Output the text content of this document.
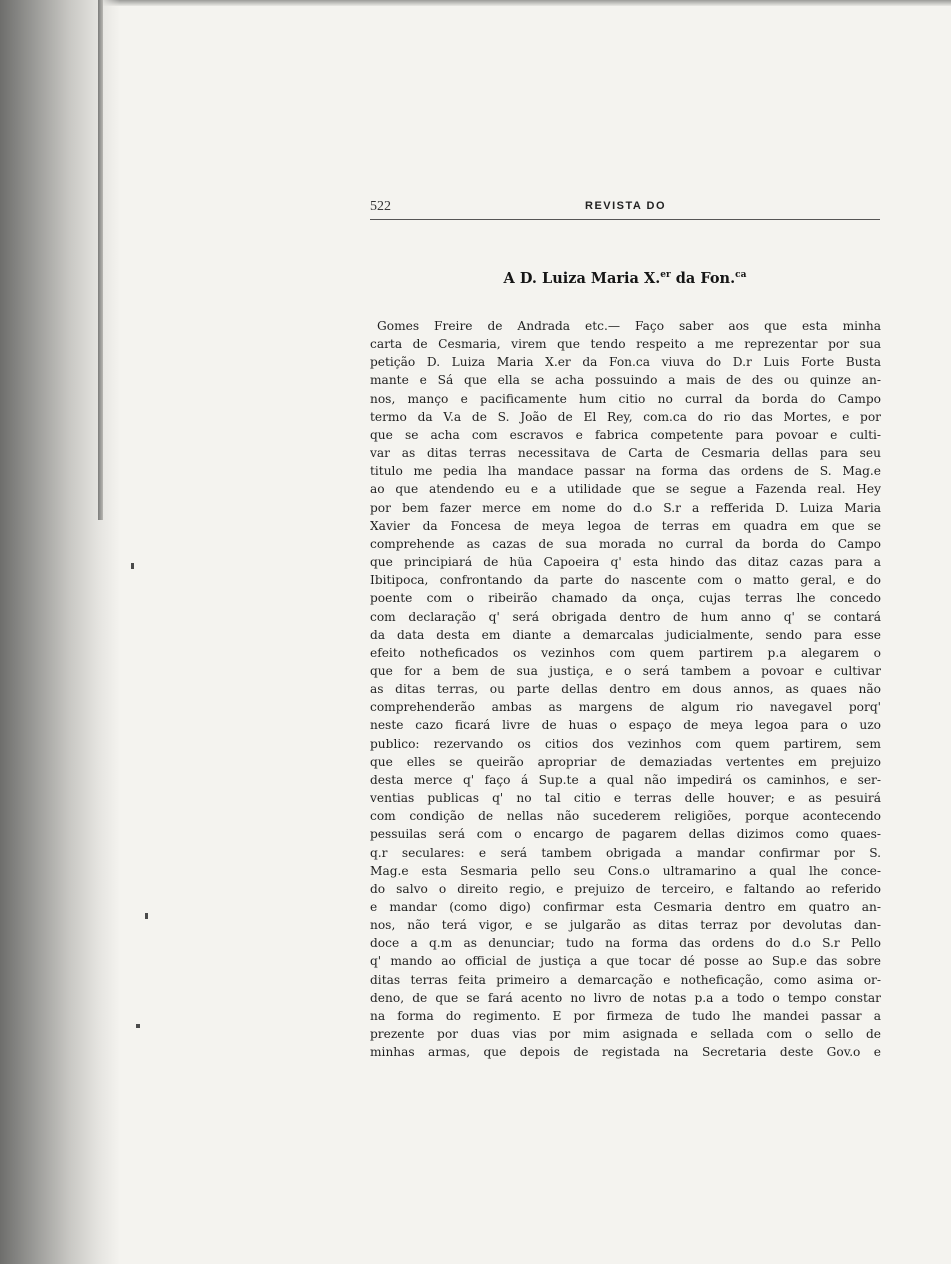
522	REVISTA DO
A D. Luiza Maria X.$^{er}$ da Fon.$^{ca}$
Gomes Freire de Andrada etc.— Faço saber aos que esta minha
carta de Cesmaria, virem que tendo respeito a me reprezentar por sua
petição D. Luiza Maria X.er da Fon.ca viuva do D.r Luis Forte Busta
mante e Sá que ella se acha possuindo a mais de des ou quinze an-
nos, manço e pacificamente hum citio no curral da borda do Campo
termo da V.a de S. João de El Rey, com.ca do rio das Mortes, e por
que se acha com escravos e fabrica competente para povoar e culti-
var as ditas terras necessitava de Carta de Cesmaria dellas para seu
titulo me pedia lha mandace passar na forma das ordens de S. Mag.e
ao que atendendo eu e a utilidade que se segue a Fazenda real. Hey
por bem fazer merce em nome do d.o S.r a refferida D. Luiza Maria
Xavier da Foncesa de meya legoa de terras em quadra em que se
comprehende as cazas de sua morada no curral da borda do Campo
que principiará de hüa Capoeira q' esta hindo das ditaz cazas para a
Ibitipoca, confrontando da parte do nascente com o matto geral, e do
poente com o ribeirão chamado da onça, cujas terras lhe concedo
com declaração q' será obrigada dentro de hum anno q' se contará
da data desta em diante a demarcalas judicialmente, sendo para esse
efeito notheficados os vezinhos com quem partirem p.a alegarem o
que for a bem de sua justiça, e o será tambem a povoar e cultivar
as ditas terras, ou parte dellas dentro em dous annos, as quaes não
comprehenderão ambas as margens de algum rio navegavel porq'
neste cazo ficará livre de huas o espaço de meya legoa para o uzo
publico: rezervando os citios dos vezinhos com quem partirem, sem
que elles se queirão apropriar de demaziadas vertentes em prejuizo
desta merce q' faço á Sup.te a qual não impedirá os caminhos, e ser-
ventias publicas q' no tal citio e terras delle houver; e as pesuirá
com condição de nellas não sucederem religiões, porque acontecendo
pessuilas será com o encargo de pagarem dellas dizimos como quaes-
q.r seculares: e será tambem obrigada a mandar confirmar por S.
Mag.e esta Sesmaria pello seu Cons.o ultramarino a qual lhe conce-
do salvo o direito regio, e prejuizo de terceiro, e faltando ao referido
e mandar (como digo) confirmar esta Cesmaria dentro em quatro an-
nos, não terá vigor, e se julgarão as ditas terraz por devolutas dan-
doce a q.m as denunciar; tudo na forma das ordens do d.o S.r Pello
q' mando ao official de justiça a que tocar dé posse ao Sup.e das sobre
ditas terras feita primeiro a demarcação e notheficação, como asima or-
deno, de que se fará acento no livro de notas p.a a todo o tempo constar
na forma do regimento. E por firmeza de tudo lhe mandei passar a
prezente por duas vias por mim asignada e sellada com o sello de
minhas armas, que depois de registada na Secretaria deste Gov.o e
